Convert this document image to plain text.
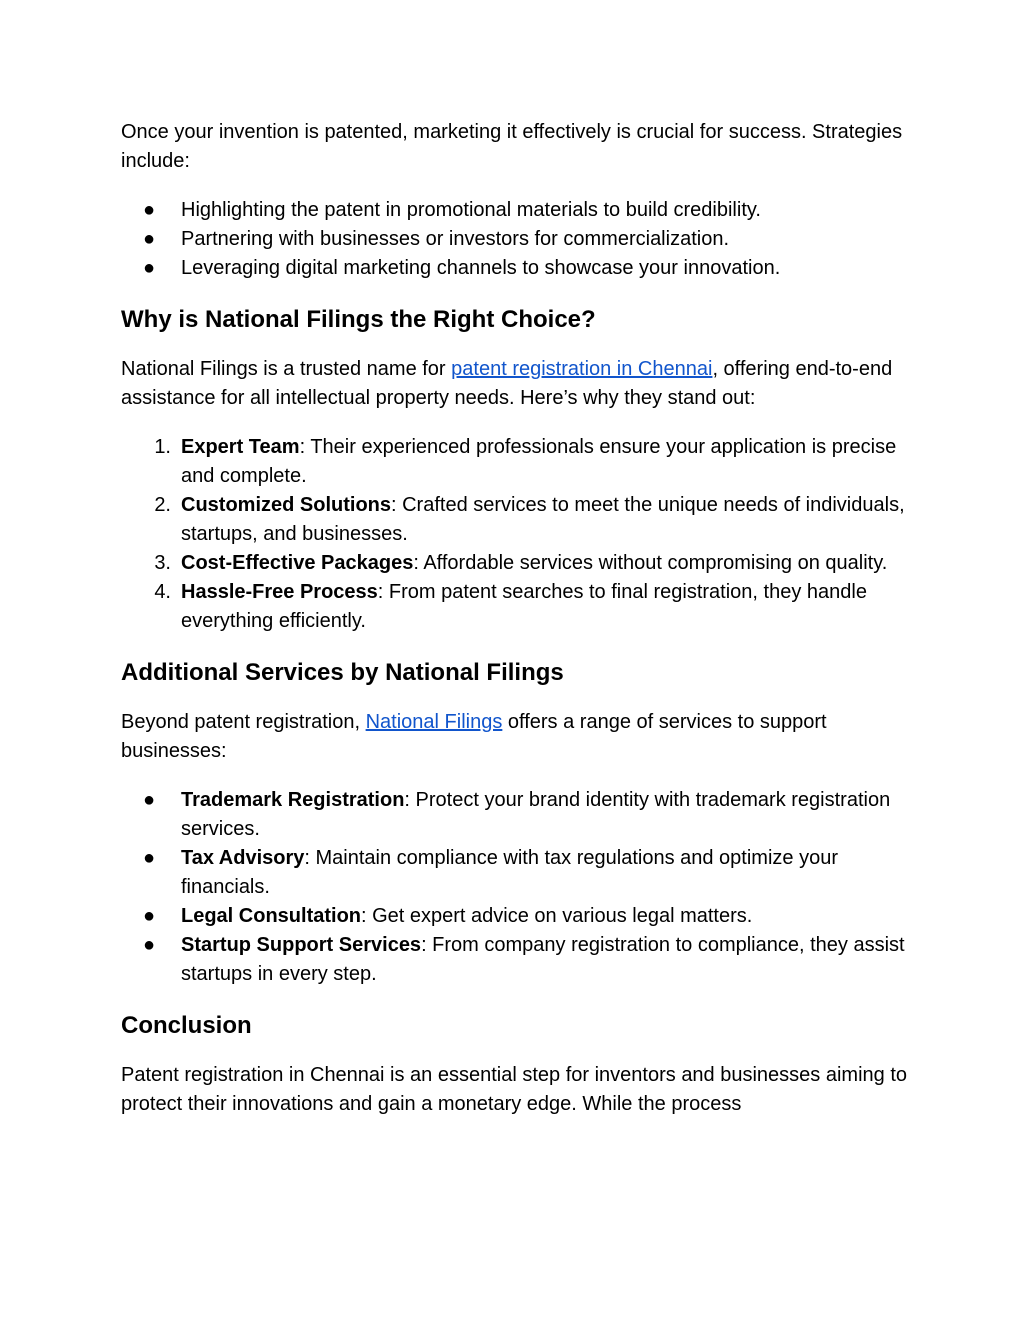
Once your invention is patented, marketing it effectively is crucial for success. Strategies include:

●	Highlighting the patent in promotional materials to build credibility.
●	Partnering with businesses or investors for commercialization.
●	Leveraging digital marketing channels to showcase your innovation.
Why is National Filings the Right Choice?

National Filings is a trusted name for patent registration in Chennai, offering end-to-end assistance for all intellectual property needs. Here’s why they stand out:

1. Expert Team: Their experienced professionals ensure your application is precise and complete.
2. Customized Solutions: Crafted services to meet the unique needs of individuals, startups, and businesses.
3. Cost-Effective Packages: Affordable services without compromising on quality.
4. Hassle-Free Process: From patent searches to final registration, they handle everything efficiently.
Additional Services by National Filings

Beyond patent registration, National Filings offers a range of services to support businesses:

●	Trademark Registration: Protect your brand identity with trademark registration services.
●	Tax Advisory: Maintain compliance with tax regulations and optimize your financials.
●	Legal Consultation: Get expert advice on various legal matters.
●	Startup Support Services: From company registration to compliance, they assist startups in every step.
Conclusion

Patent registration in Chennai is an essential step for inventors and businesses aiming to protect their innovations and gain a monetary edge. While the process
